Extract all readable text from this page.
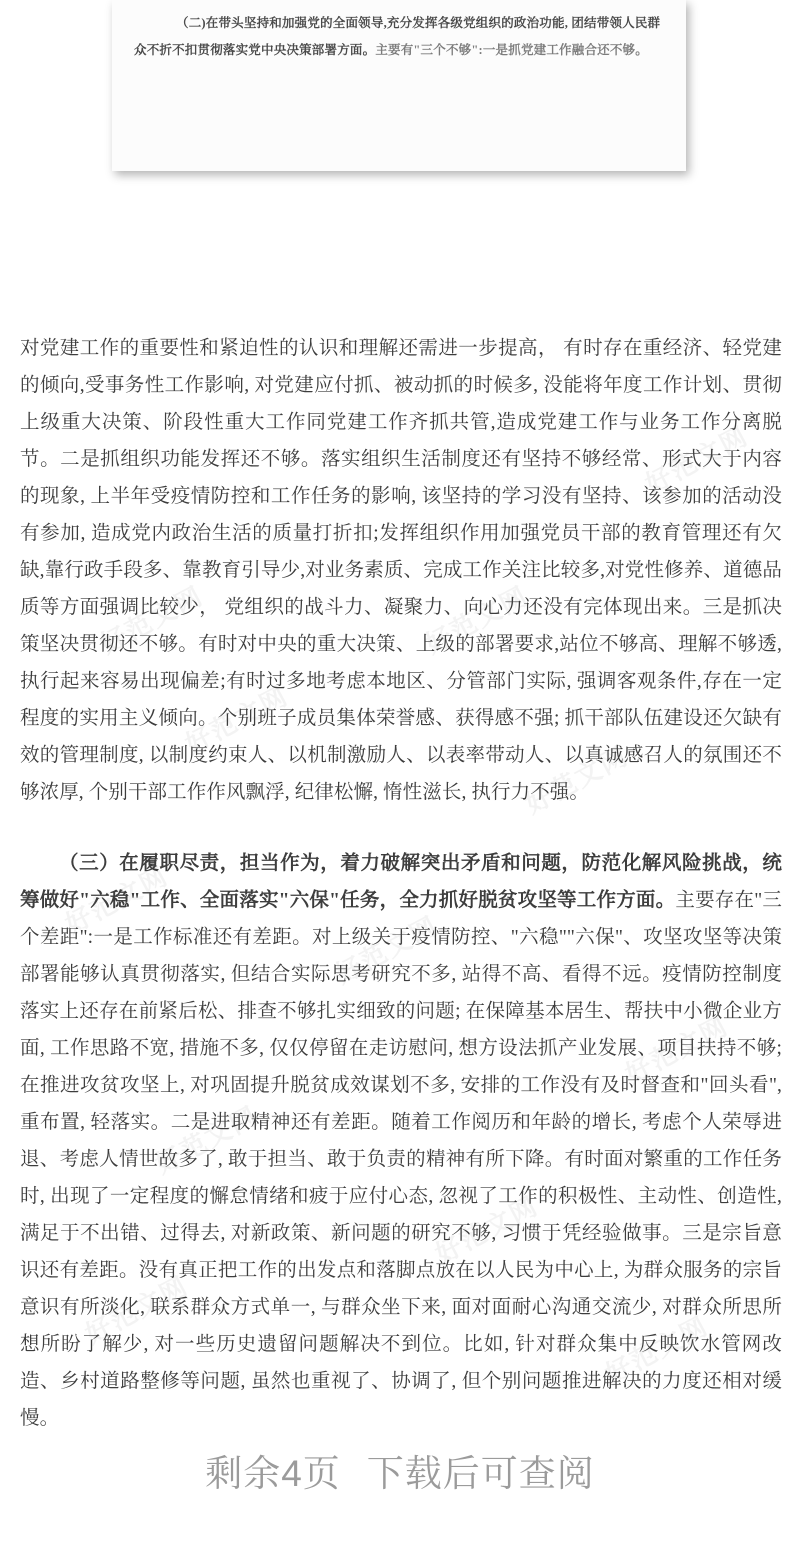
（二)在带头坚持和加强党的全面领导,充分发挥各级党组织的政治功能, 团结带领人民群
众不折不扣贯彻落实党中央决策部署方面。主要有"三个不够":一是抓党建工作融合还不够。
好范文网	好范文网
好范文网
好范文网
好范文网
好范文网
好范文网
好范文网
好范文网
好范文网
好范文网
好范文网

对党建工作的重要性和紧迫性的认识和理解还需进一步提高， 有时存在重经济、轻党建的倾向,受事务性工作影响, 对党建应付抓、被动抓的时候多, 没能将年度工作计划、贯彻上级重大决策、阶段性重大工作同党建工作齐抓共管,造成党建工作与业务工作分离脱节。二是抓组织功能发挥还不够。落实组织生活制度还有坚持不够经常、形式大于内容的现象, 上半年受疫情防控和工作任务的影响, 该坚持的学习没有坚持、该参加的活动没有参加, 造成党内政治生活的质量打折扣;发挥组织作用加强党员干部的教育管理还有欠缺,靠行政手段多、靠教育引导少,对业务素质、完成工作关注比较多,对党性修养、道德品质等方面强调比较少， 党组织的战斗力、凝聚力、向心力还没有完体现出来。三是抓决策坚决贯彻还不够。有时对中央的重大决策、上级的部署要求,站位不够高、理解不够透, 执行起来容易出现偏差;有时过多地考虑本地区、分管部门实际, 强调客观条件,存在一定程度的实用主义倾向。个别班子成员集体荣誉感、获得感不强; 抓干部队伍建设还欠缺有效的管理制度, 以制度约束人、以机制激励人、以表率带动人、以真诚感召人的氛围还不够浓厚, 个别干部工作作风飘浮, 纪律松懈, 惰性滋长, 执行力不强。

（三）在履职尽责，担当作为，着力破解突出矛盾和问题，防范化解风险挑战，统筹做好"六稳"工作、全面落实"六保"任务，全力抓好脱贫攻坚等工作方面。主要存在"三个差距":一是工作标准还有差距。对上级关于疫情防控、"六稳""六保"、攻坚攻坚等决策部署能够认真贯彻落实, 但结合实际思考研究不多, 站得不高、看得不远。疫情防控制度落实上还存在前紧后松、排查不够扎实细致的问题; 在保障基本居生、帮扶中小微企业方面, 工作思路不宽, 措施不多, 仅仅停留在走访慰问, 想方设法抓产业发展、项目扶持不够; 在推进攻贫攻坚上, 对巩固提升脱贫成效谋划不多, 安排的工作没有及时督查和"回头看", 重布置, 轻落实。二是进取精神还有差距。随着工作阅历和年龄的增长, 考虑个人荣辱进退、考虑人情世故多了, 敢于担当、敢于负责的精神有所下降。有时面对繁重的工作任务时, 出现了一定程度的懈怠情绪和疲于应付心态, 忽视了工作的积极性、主动性、创造性, 满足于不出错、过得去, 对新政策、新问题的研究不够, 习惯于凭经验做事。三是宗旨意识还有差距。没有真正把工作的出发点和落脚点放在以人民为中心上, 为群众服务的宗旨意识有所淡化, 联系群众方式单一, 与群众坐下来, 面对面耐心沟通交流少, 对群众所思所想所盼了解少, 对一些历史遗留问题解决不到位。比如, 针对群众集中反映饮水管网改造、乡村道路整修等问题, 虽然也重视了、协调了, 但个别问题推进解决的力度还相对缓慢。

剩余4页 下载后可查阅
